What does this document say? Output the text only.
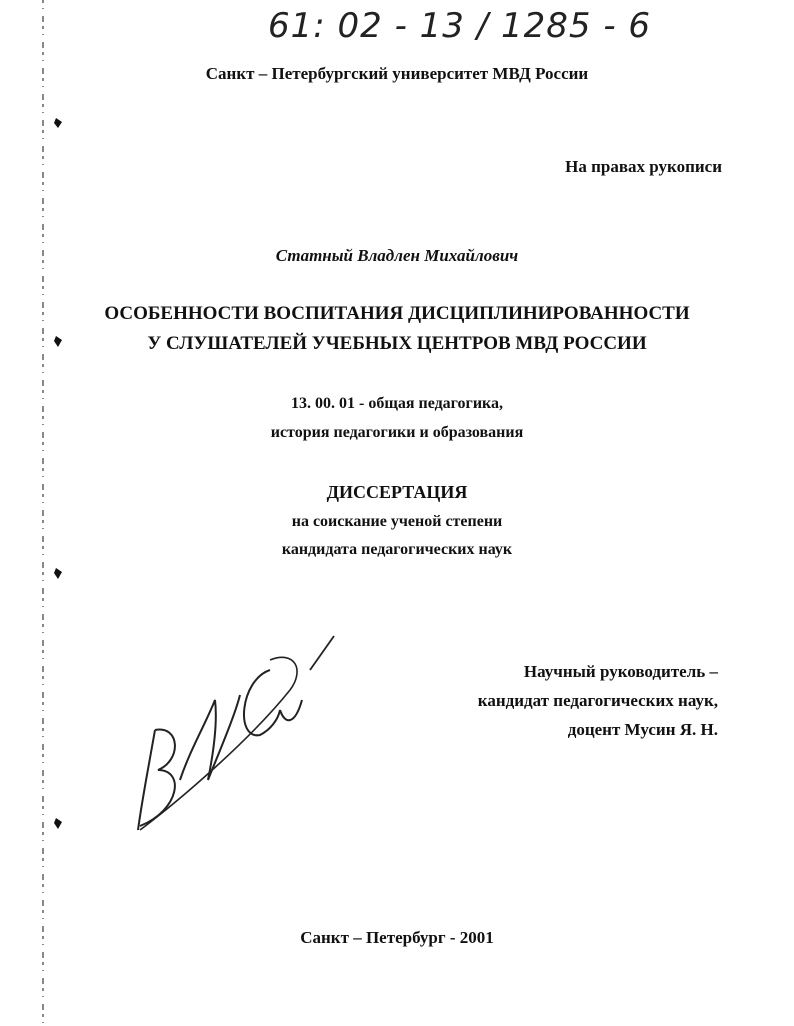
61: 02 - 13 / 1285 - 6
Санкт – Петербургский университет МВД России
На правах рукописи
Статный Владлен Михайлович
ОСОБЕННОСТИ ВОСПИТАНИЯ ДИСЦИПЛИНИРОВАННОСТИ
У СЛУШАТЕЛЕЙ УЧЕБНЫХ ЦЕНТРОВ МВД РОССИИ
13. 00. 01 - общая педагогика,
история педагогики и образования
ДИССЕРТАЦИЯ
на соискание ученой степени
кандидата педагогических наук
Научный руководитель –
кандидат педагогических наук,
доцент Мусин Я. Н.
Санкт – Петербург - 2001
